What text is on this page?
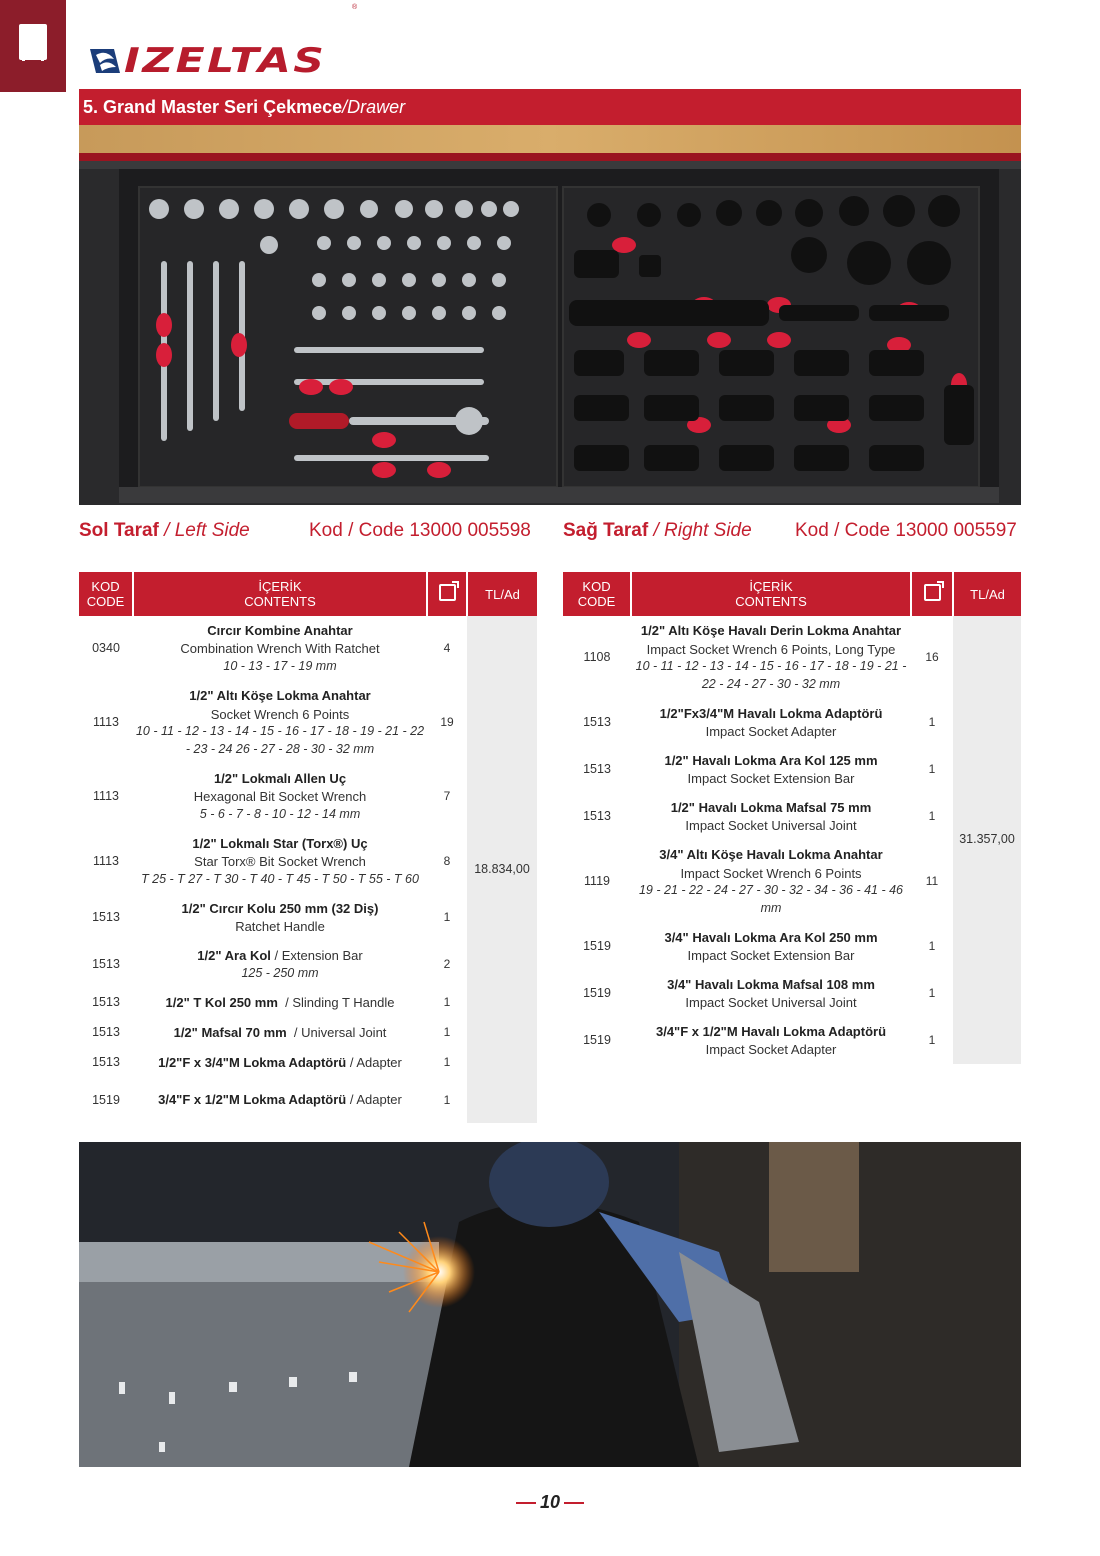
IZELTAS
®
5. Grand Master Seri Çekmece/Drawer
Sol Taraf / Left Side	Kod / Code 13000 005598 Sağ Taraf / Right Side Kod / Code 13000 005597
KOD
CODE	İÇERİK
CONTENTS		TL/Ad
0340	Cırcır Kombine Anahtar
Combination Wrench With Ratchet
10 - 13 - 17 - 19 mm	4	18.834,00
1113	1/2" Altı Köşe Lokma Anahtar
Socket Wrench 6 Points
10 - 11 - 12 - 13 - 14 - 15 - 16 - 17 - 18 - 19 - 21 - 22 - 23 - 24 26 - 27 - 28 - 30 - 32 mm	19	
1113	1/2" Lokmalı Allen Uç
Hexagonal Bit Socket Wrench
5 - 6 - 7 - 8 - 10 - 12 - 14 mm	7	
1113	1/2" Lokmalı Star (Torx®) Uç
Star Torx® Bit Socket Wrench
T 25 - T 27 - T 30 - T 40 - T 45 - T 50 - T 55 - T 60	8	
1513	1/2" Cırcır Kolu 250 mm (32 Diş)
Ratchet Handle	1	
1513	1/2" Ara Kol / Extension Bar
125 - 250 mm	2	
1513	1/2" T Kol 250 mm  / Slinding T Handle	1	
1513	1/2" Mafsal 70 mm  / Universal Joint	1	
1513	1/2"F x 3/4"M Lokma Adaptörü / Adapter	1	
1519	3/4"F x 1/2"M Lokma Adaptörü / Adapter	1	
KOD
CODE	İÇERİK
CONTENTS		TL/Ad
1108	1/2" Altı Köşe Havalı Derin Lokma Anahtar
Impact Socket Wrench 6 Points, Long Type
10 - 11 - 12 - 13 - 14 - 15 - 16 - 17 - 18 - 19 - 21 - 22 - 24 - 27 - 30 - 32 mm	16	31.357,00
1513	1/2"Fx3/4"M Havalı Lokma Adaptörü
Impact Socket Adapter	1	
1513	1/2" Havalı Lokma Ara Kol 125 mm
Impact Socket Extension Bar	1	
1513	1/2" Havalı Lokma Mafsal 75 mm
Impact Socket Universal Joint	1	
1119	3/4" Altı Köşe Havalı Lokma Anahtar
Impact Socket Wrench 6 Points
19 - 21 - 22 - 24 - 27 - 30 - 32 - 34 - 36 - 41 - 46 mm	11	
1519	3/4" Havalı Lokma Ara Kol 250 mm
Impact Socket Extension Bar	1	
1519	3/4" Havalı Lokma Mafsal 108 mm
Impact Socket Universal Joint	1	
1519	3/4"F x 1/2"M Havalı Lokma Adaptörü
Impact Socket Adapter	1	
10
